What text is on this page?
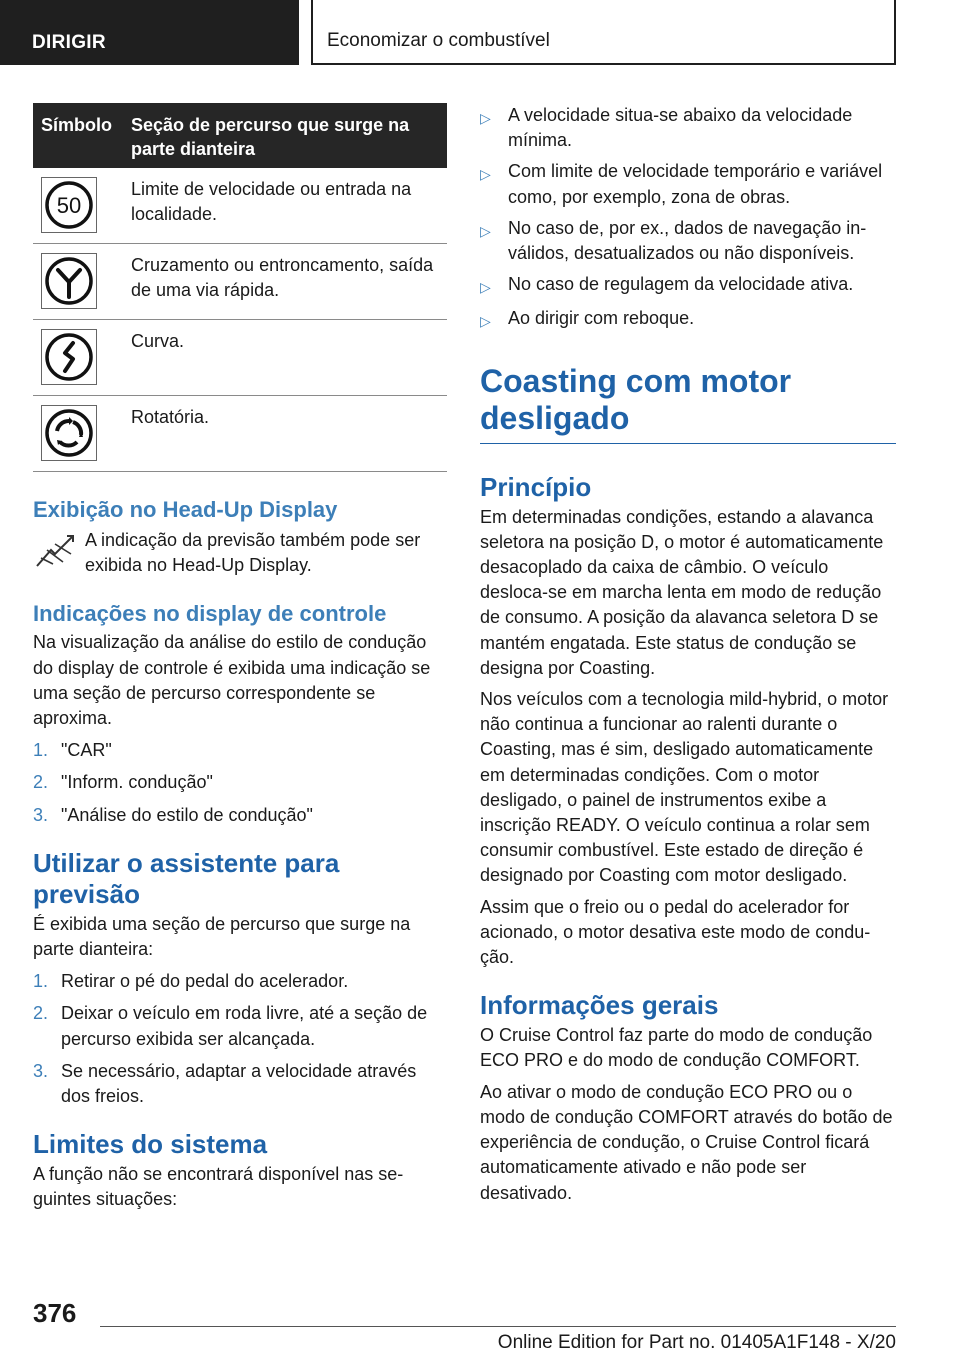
DIRIGIR	Economizar o combustível
Símbolo	Seção de percurso que surge na parte dianteira
50
Limite de velocidade ou entrada na localidade.
Cruzamento ou entroncamento, saída de uma via rápida.
Curva.
Rotatória.
Exibição no Head-Up Display

A indicação da previsão também pode ser exibida no Head-Up Display.

Indicações no display de controle

Na visualização da análise do estilo de condução do display de controle é exibida uma indicação se uma seção de percurso correspondente se aproxima.

1. "CAR"
2. "Inform. condução"
3. "Análise do estilo de condução"
Utilizar o assistente para previsão

É exibida uma seção de percurso que surge na parte dianteira:

1. Retirar o pé do pedal do acelerador.
2. Deixar o veículo em roda livre, até a seção de percurso exibida ser alcançada.
3. Se necessário, adaptar a velocidade através dos freios.
Limites do sistema

A função não se encontrará disponível nas seguintes situações:

▷ A velocidade situa-se abaixo da velocidade mínima.
▷ Com limite de velocidade temporário e variável como, por exemplo, zona de obras.
▷ No caso de, por ex., dados de navegação inválidos, desatualizados ou não disponíveis.
▷ No caso de regulagem da velocidade ativa.
▷ Ao dirigir com reboque.
Coasting com motor desligado
Princípio

Em determinadas condições, estando a alavanca seletora na posição D, o motor é automaticamente desacoplado da caixa de câmbio. O veículo desloca-se em marcha lenta em modo de redução de consumo. A posição da alavanca seletora D se mantém engatada. Este status de condução se designa por Coasting.

Nos veículos com a tecnologia mild-hybrid, o motor não continua a funcionar ao ralenti durante o Coasting, mas é sim, desligado automaticamente em determinadas condições. Com o motor desligado, o painel de instrumentos exibe a inscrição READY. O veículo continua a rolar sem consumir combustível. Este estado de direção é designado por Coasting com motor desligado.

Assim que o freio ou o pedal do acelerador for acionado, o motor desativa este modo de condução.

Informações gerais

O Cruise Control faz parte do modo de condução ECO PRO e do modo de condução COMFORT.

Ao ativar o modo de condução ECO PRO ou o modo de condução COMFORT através do botão de experiência de condução, o Cruise Control ficará automaticamente ativado e não pode ser desativado.

376
Online Edition for Part no. 01405A1F148 - X/20
